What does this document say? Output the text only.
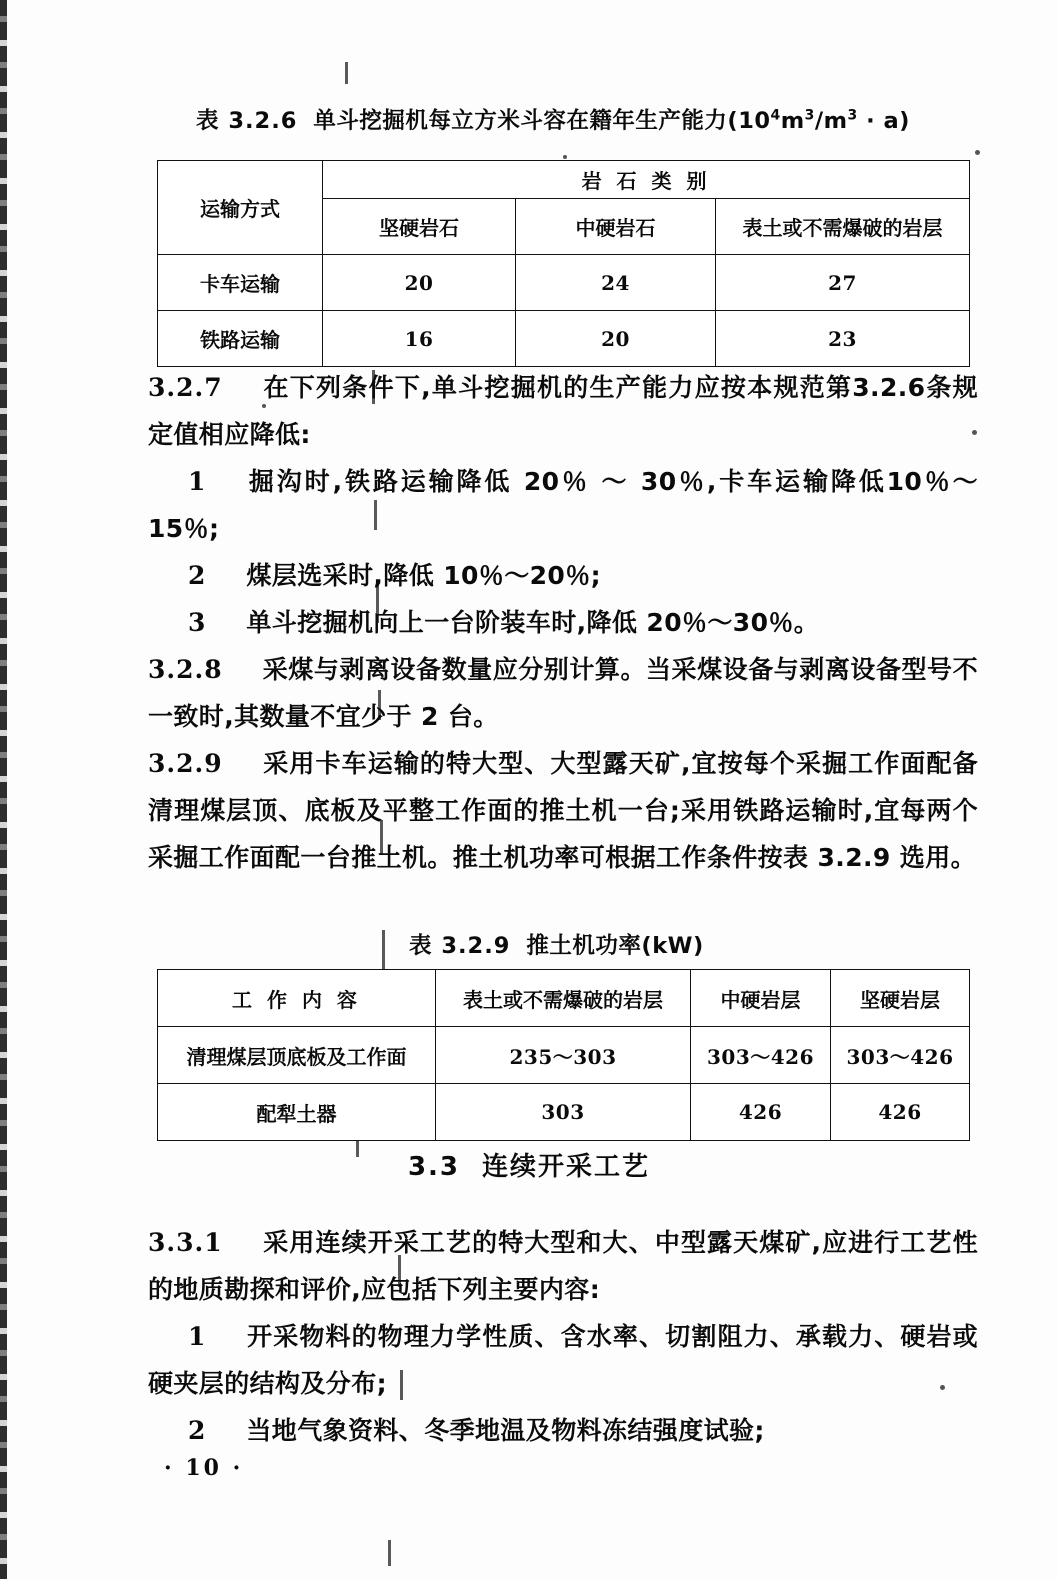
表 3.2.6 单斗挖掘机每立方米斗容在籍年生产能力$(10^4m^3/m^3 \cdot a)$
运输方式	岩 石 类 别		
	坚硬岩石	中硬岩石	表土或不需爆破的岩层
卡车运输	20	24	27
铁路运输	16	20	23

3.2.7 在下列条件下,单斗挖掘机的生产能力应按本规范第3.2.6条规定值相应降低:

1 掘沟时,铁路运输降低 20％ ～ 30％,卡车运输降低10％～15％;

2 煤层选采时,降低 10％～20％;

3 单斗挖掘机向上一台阶装车时,降低 20％～30％。

3.2.8 采煤与剥离设备数量应分别计算。当采煤设备与剥离设备型号不一致时,其数量不宜少于 2 台。

3.2.9 采用卡车运输的特大型、大型露天矿,宜按每个采掘工作面配备清理煤层顶、底板及平整工作面的推土机一台;采用铁路运输时,宜每两个采掘工作面配一台推土机。推土机功率可根据工作条件按表 3.2.9 选用。

表 3.2.9 推土机功率(kW)
工 作 内 容	表土或不需爆破的岩层	中硬岩层	坚硬岩层
清理煤层顶底板及工作面	235～303	303～426	303～426
配犁土器	303	426	426
3.3 连续开采工艺

3.3.1 采用连续开采工艺的特大型和大、中型露天煤矿,应进行工艺性的地质勘探和评价,应包括下列主要内容:

1 开采物料的物理力学性质、含水率、切割阻力、承载力、硬岩或硬夹层的结构及分布;

2 当地气象资料、冬季地温及物料冻结强度试验;

· 10 ·
